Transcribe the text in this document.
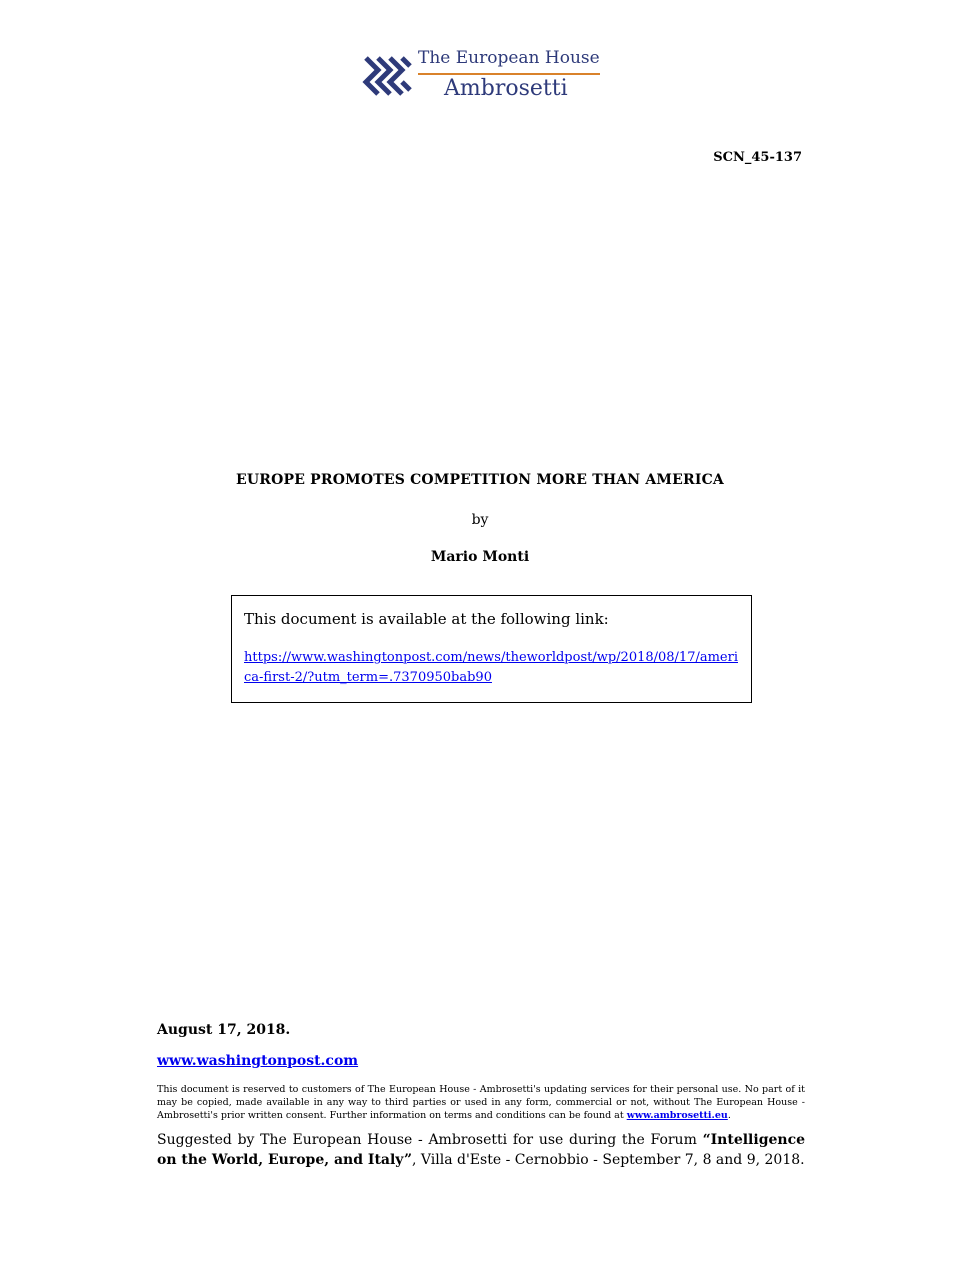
The European House
Ambrosetti
SCN_45-137
EUROPE PROMOTES COMPETITION MORE THAN AMERICA
by
Mario Monti
This document is available at the following link:
https://www.washingtonpost.com/news/theworldpost/wp/2018/08/17/america-first-2/?utm_term=.7370950bab90
August 17, 2018.
www.washingtonpost.com
This document is reserved to customers of The European House - Ambrosetti's updating services for their personal use. No part of it may be copied, made available in any way to third parties or used in any form, commercial or not, without The European House - Ambrosetti's prior written consent. Further information on terms and conditions can be found at www.ambrosetti.eu.
Suggested by The European House - Ambrosetti for use during the Forum “Intelligence on the World, Europe, and Italy”, Villa d'Este - Cernobbio - September 7, 8 and 9, 2018.
